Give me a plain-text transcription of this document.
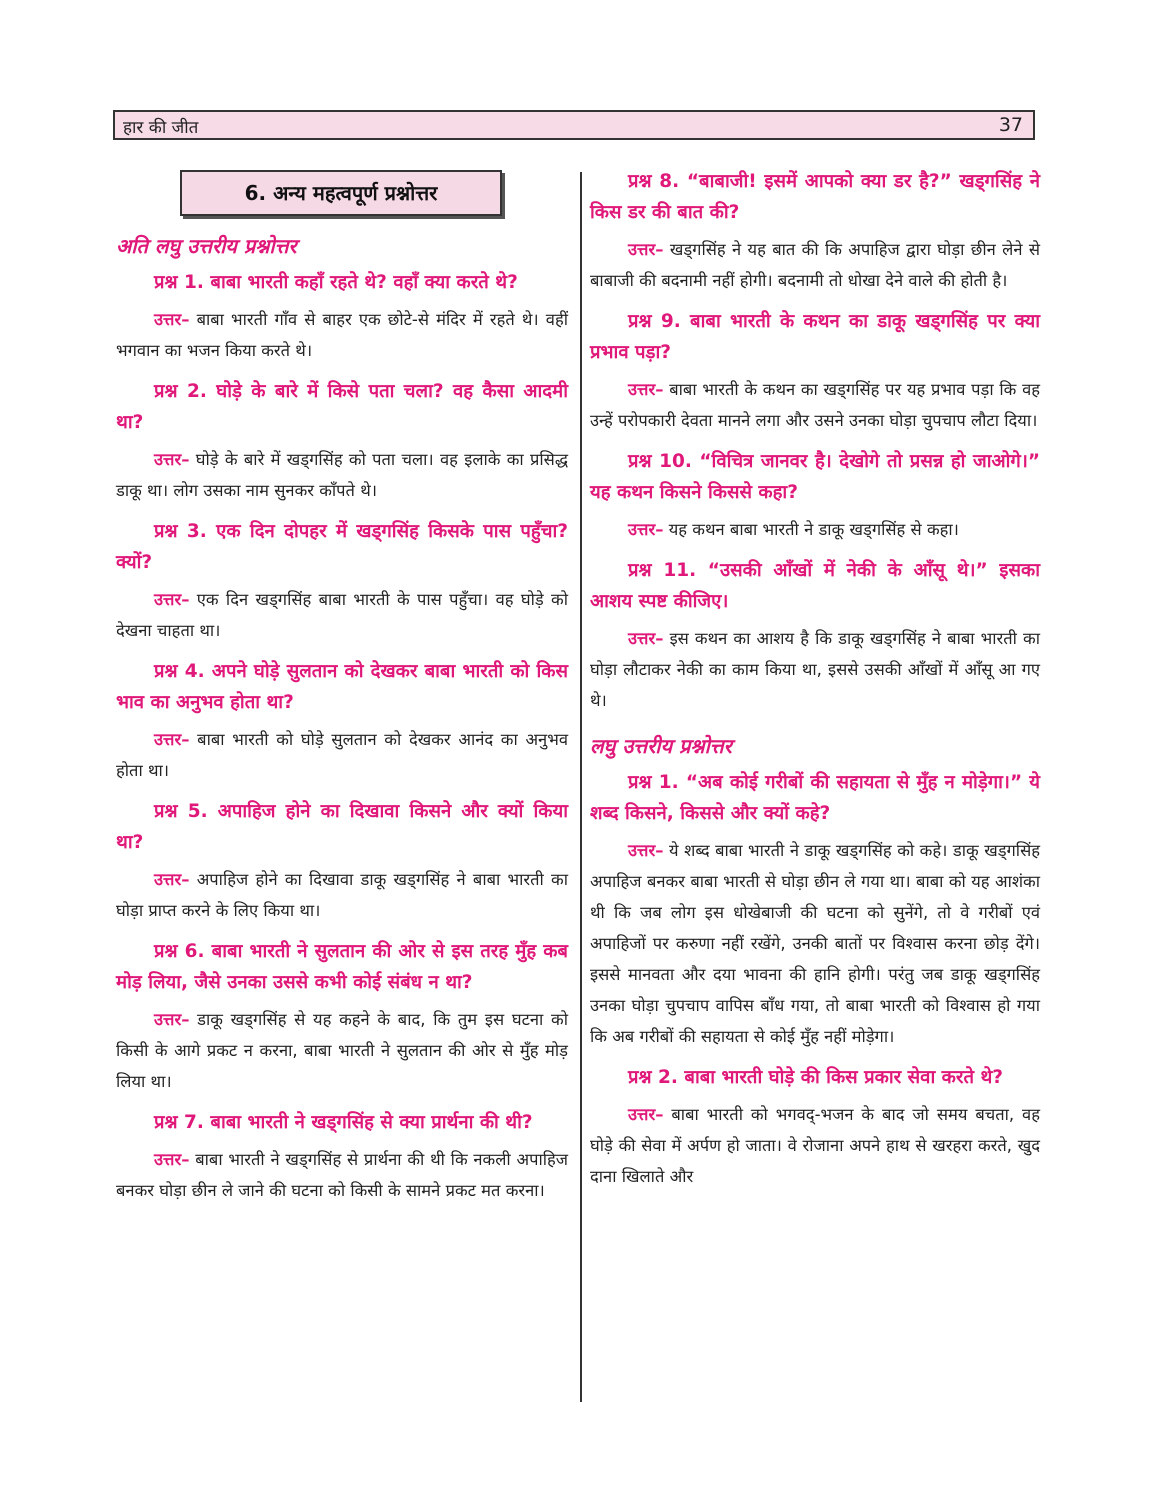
हार की जीत	37
6. अन्य महत्वपूर्ण प्रश्नोत्तर
अति लघु उत्तरीय प्रश्नोत्तर

प्रश्न 1. बाबा भारती कहाँ रहते थे? वहाँ क्या करते थे?

उत्तर– बाबा भारती गाँव से बाहर एक छोटे-से मंदिर में रहते थे। वहीं भगवान का भजन किया करते थे।

प्रश्न 2. घोड़े के बारे में किसे पता चला? वह कैसा आदमी था?

उत्तर– घोड़े के बारे में खड्गसिंह को पता चला। वह इलाके का प्रसिद्ध डाकू था। लोग उसका नाम सुनकर काँपते थे।

प्रश्न 3. एक दिन दोपहर में खड्गसिंह किसके पास पहुँचा? क्यों?

उत्तर– एक दिन खड्गसिंह बाबा भारती के पास पहुँचा। वह घोड़े को देखना चाहता था।

प्रश्न 4. अपने घोड़े सुलतान को देखकर बाबा भारती को किस भाव का अनुभव होता था?

उत्तर– बाबा भारती को घोड़े सुलतान को देखकर आनंद का अनुभव होता था।

प्रश्न 5. अपाहिज होने का दिखावा किसने और क्यों किया था?

उत्तर– अपाहिज होने का दिखावा डाकू खड्गसिंह ने बाबा भारती का घोड़ा प्राप्त करने के लिए किया था।

प्रश्न 6. बाबा भारती ने सुलतान की ओर से इस तरह मुँह कब मोड़ लिया, जैसे उनका उससे कभी कोई संबंध न था?

उत्तर– डाकू खड्गसिंह से यह कहने के बाद, कि तुम इस घटना को किसी के आगे प्रकट न करना, बाबा भारती ने सुलतान की ओर से मुँह मोड़ लिया था।

प्रश्न 7. बाबा भारती ने खड्गसिंह से क्या प्रार्थना की थी?

उत्तर– बाबा भारती ने खड्गसिंह से प्रार्थना की थी कि नकली अपाहिज बनकर घोड़ा छीन ले जाने की घटना को किसी के सामने प्रकट मत करना।

प्रश्न 8. “बाबाजी! इसमें आपको क्या डर है?” खड्गसिंह ने किस डर की बात की?

उत्तर– खड्गसिंह ने यह बात की कि अपाहिज द्वारा घोड़ा छीन लेने से बाबाजी की बदनामी नहीं होगी। बदनामी तो धोखा देने वाले की होती है।

प्रश्न 9. बाबा भारती के कथन का डाकू खड्गसिंह पर क्या प्रभाव पड़ा?

उत्तर– बाबा भारती के कथन का खड्गसिंह पर यह प्रभाव पड़ा कि वह उन्हें परोपकारी देवता मानने लगा और उसने उनका घोड़ा चुपचाप लौटा दिया।

प्रश्न 10. “विचित्र जानवर है। देखोगे तो प्रसन्न हो जाओगे।” यह कथन किसने किससे कहा?

उत्तर– यह कथन बाबा भारती ने डाकू खड्गसिंह से कहा।

प्रश्न 11. “उसकी आँखों में नेकी के आँसू थे।” इसका आशय स्पष्ट कीजिए।

उत्तर– इस कथन का आशय है कि डाकू खड्गसिंह ने बाबा भारती का घोड़ा लौटाकर नेकी का काम किया था, इससे उसकी आँखों में आँसू आ गए थे।

लघु उत्तरीय प्रश्नोत्तर

प्रश्न 1. “अब कोई गरीबों की सहायता से मुँह न मोड़ेगा।” ये शब्द किसने, किससे और क्यों कहे?

उत्तर– ये शब्द बाबा भारती ने डाकू खड्गसिंह को कहे। डाकू खड्गसिंह अपाहिज बनकर बाबा भारती से घोड़ा छीन ले गया था। बाबा को यह आशंका थी कि जब लोग इस धोखेबाजी की घटना को सुनेंगे, तो वे गरीबों एवं अपाहिजों पर करुणा नहीं रखेंगे, उनकी बातों पर विश्वास करना छोड़ देंगे। इससे मानवता और दया भावना की हानि होगी। परंतु जब डाकू खड्गसिंह उनका घोड़ा चुपचाप वापिस बाँध गया, तो बाबा भारती को विश्वास हो गया कि अब गरीबों की सहायता से कोई मुँह नहीं मोड़ेगा।

प्रश्न 2. बाबा भारती घोड़े की किस प्रकार सेवा करते थे?

उत्तर– बाबा भारती को भगवद्-भजन के बाद जो समय बचता, वह घोड़े की सेवा में अर्पण हो जाता। वे रोजाना अपने हाथ से खरहरा करते, खुद दाना खिलाते और
